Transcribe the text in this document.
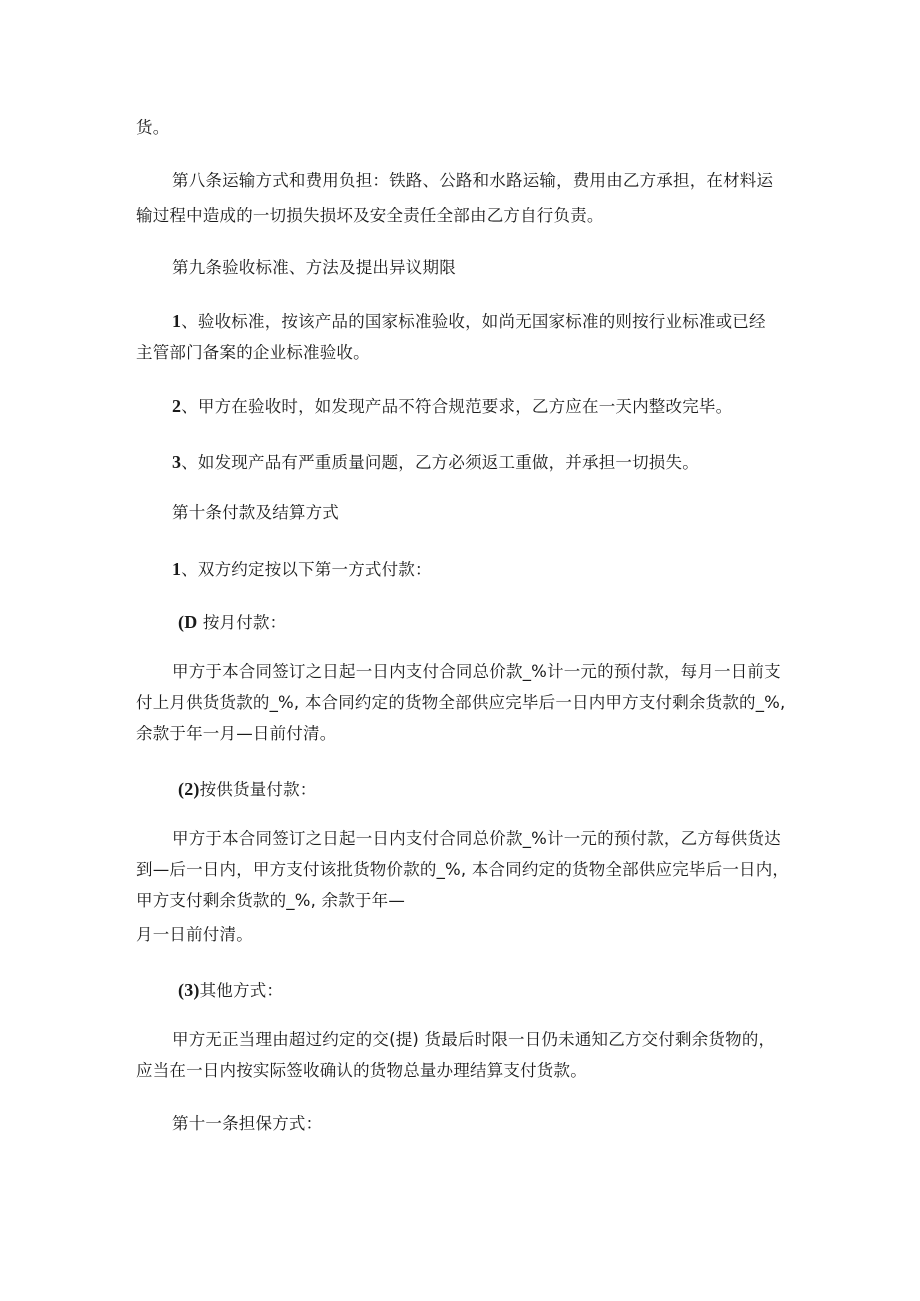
货。
第八条运输方式和费用负担：铁路、公路和水路运输，费用由乙方承担，在材料运
输过程中造成的一切损失损坏及安全责任全部由乙方自行负责。
第九条验收标准、方法及提出异议期限
1、验收标准，按该产品的国家标准验收，如尚无国家标准的则按行业标准或已经
主管部门备案的企业标准验收。
2、甲方在验收时，如发现产品不符合规范要求，乙方应在一天内整改完毕。
3、如发现产品有严重质量问题，乙方必须返工重做，并承担一切损失。
第十条付款及结算方式
1、双方约定按以下第一方式付款：
(D 按月付款：
甲方于本合同签订之日起一日内支付合同总价款_%计一元的预付款，每月一日前支
付上月供货货款的_%, 本合同约定的货物全部供应完毕后一日内甲方支付剩余货款的_%,
余款于年一月—日前付清。
(2)按供货量付款：
甲方于本合同签订之日起一日内支付合同总价款_%计一元的预付款，乙方每供货达
到—后一日内，甲方支付该批货物价款的_%, 本合同约定的货物全部供应完毕后一日内，
甲方支付剩余货款的_%, 余款于年—
月一日前付清。
(3)其他方式：
甲方无正当理由超过约定的交(提) 货最后时限一日仍未通知乙方交付剩余货物的，
应当在一日内按实际签收确认的货物总量办理结算支付货款。
第十一条担保方式：
